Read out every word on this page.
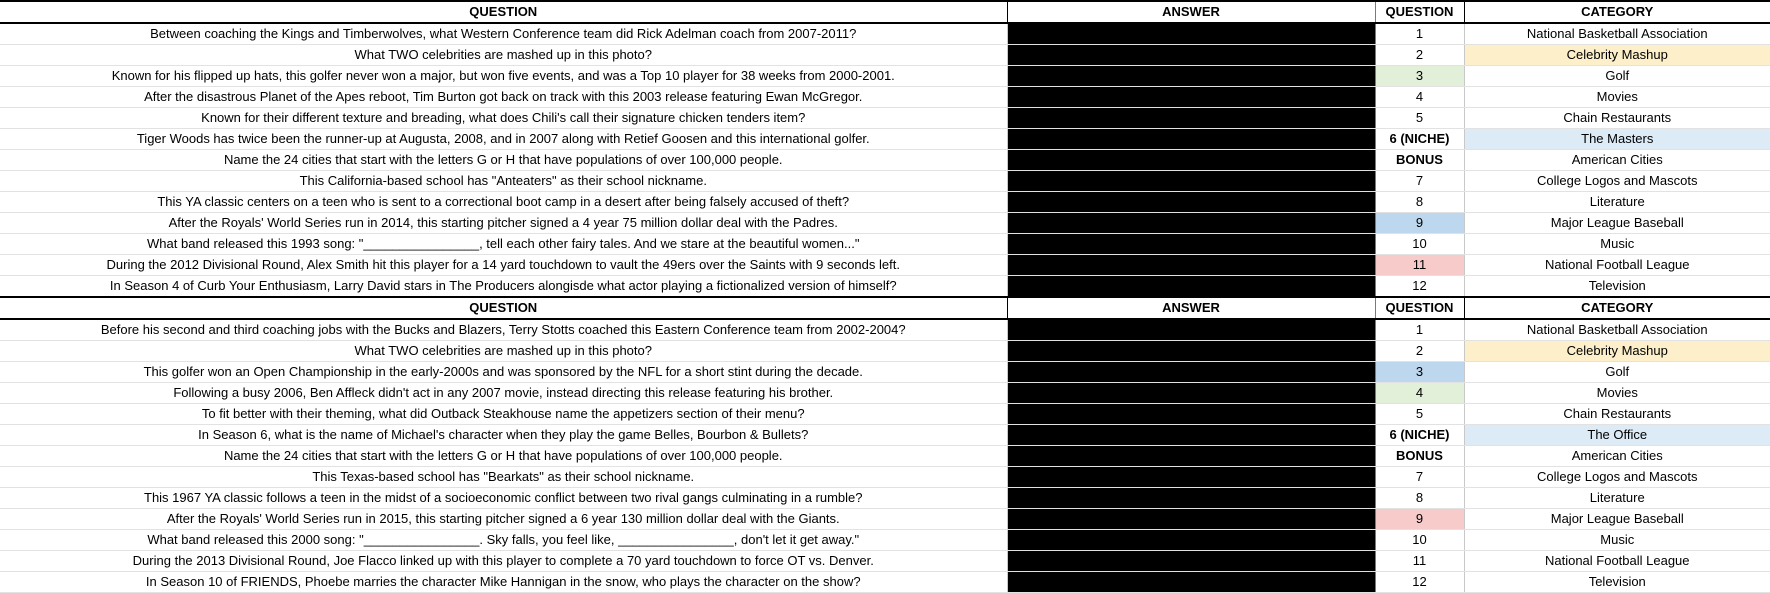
QUESTION	ANSWER	QUESTION	CATEGORY
Between coaching the Kings and Timberwolves, what Western Conference team did Rick Adelman coach from 2007-2011?		1	National Basketball Association
What TWO celebrities are mashed up in this photo?		2	Celebrity Mashup
Known for his flipped up hats, this golfer never won a major, but won five events, and was a Top 10 player for 38 weeks from 2000-2001.		3	Golf
After the disastrous Planet of the Apes reboot, Tim Burton got back on track with this 2003 release featuring Ewan McGregor.		4	Movies
Known for their different texture and breading, what does Chili's call their signature chicken tenders item?		5	Chain Restaurants
Tiger Woods has twice been the runner-up at Augusta, 2008, and in 2007 along with Retief Goosen and this international golfer.		6 (NICHE)	The Masters
Name the 24 cities that start with the letters G or H that have populations of over 100,000 people.		BONUS	American Cities
This California-based school has "Anteaters" as their school nickname.		7	College Logos and Mascots
This YA classic centers on a teen who is sent to a correctional boot camp in a desert after being falsely accused of theft?		8	Literature
After the Royals' World Series run in 2014, this starting pitcher signed a 4 year 75 million dollar deal with the Padres.		9	Major League Baseball
What band released this 1993 song: "________________, tell each other fairy tales. And we stare at the beautiful women..."		10	Music
During the 2012 Divisional Round, Alex Smith hit this player for a 14 yard touchdown to vault the 49ers over the Saints with 9 seconds left.		11	National Football League
In Season 4 of Curb Your Enthusiasm, Larry David stars in The Producers alongisde what actor playing a fictionalized version of himself?		12	Television
QUESTION	ANSWER	QUESTION	CATEGORY
Before his second and third coaching jobs with the Bucks and Blazers, Terry Stotts coached this Eastern Conference team from 2002-2004?		1	National Basketball Association
What TWO celebrities are mashed up in this photo?		2	Celebrity Mashup
This golfer won an Open Championship in the early-2000s and was sponsored by the NFL for a short stint during the decade.		3	Golf
Following a busy 2006, Ben Affleck didn't act in any 2007 movie, instead directing this release featuring his brother.		4	Movies
To fit better with their theming, what did Outback Steakhouse name the appetizers section of their menu?		5	Chain Restaurants
In Season 6, what is the name of Michael's character when they play the game Belles, Bourbon & Bullets?		6 (NICHE)	The Office
Name the 24 cities that start with the letters G or H that have populations of over 100,000 people.		BONUS	American Cities
This Texas-based school has "Bearkats" as their school nickname.		7	College Logos and Mascots
This 1967 YA classic follows a teen in the midst of a socioeconomic conflict between two rival gangs culminating in a rumble?		8	Literature
After the Royals' World Series run in 2015, this starting pitcher signed a 6 year 130 million dollar deal with the Giants.		9	Major League Baseball
What band released this 2000 song: "________________. Sky falls, you feel like, ________________, don't let it get away."		10	Music
During the 2013 Divisional Round, Joe Flacco linked up with this player to complete a 70 yard touchdown to force OT vs. Denver.		11	National Football League
In Season 10 of FRIENDS, Phoebe marries the character Mike Hannigan in the snow, who plays the character on the show?		12	Television
